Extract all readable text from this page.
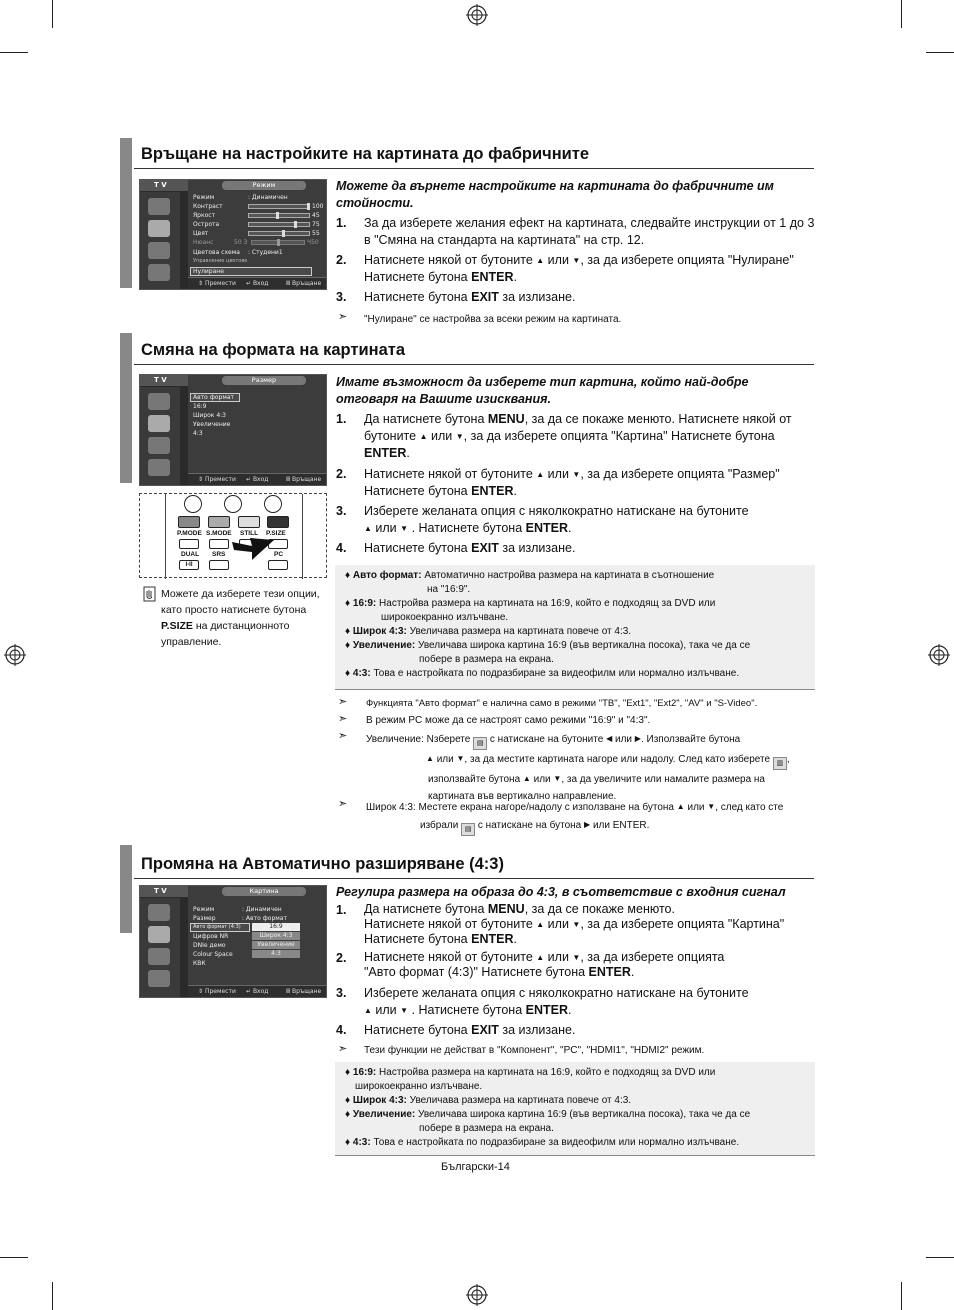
Връщане на настройките на картината до фабричните
T V	Режим
Режим	: Динамичен
Контраст	100
Яркост	45
Острота	75
Цвят	55
Нюанс	50 З	Ч50
Цветова схема : Студени1
Управление цветове
Нулиране
⇕ Премести ↵ Вход	Ⅲ Връщане
Можете да върнете настройките на картината до фабричните им стойности.
1. За да изберете желания ефект на картината, следвайте инструкции от 1 до 3 в "Смяна на стандарта на картината" на стр. 12.
2. Натиснете някой от бутоните ▲ или ▼, за да изберете опцията "Нулиране"
Натиснете бутона ENTER.
3. Натиснете бутона EXIT за излизане.
➣ "Нулиране" се настройва за всеки режим на картината.
Смяна на формата на картината
T V	Размер
Авто формат
16:9
Широк 4:3
Увеличение
4:3
⇕ Премести ↵ Вход	Ⅲ Връщане
P.MODE S.MODE STILL P.SIZE
DUAL SRS	PC
I-II
Можете да изберете тези опции, като просто натиснете бутона P.SIZE на дистанционното управление.
Имате възможност да изберете тип картина, който най-добре отговаря на Вашите изисквания.
1. Да натиснете бутона MENU, за да се покаже менюто. Натиснете някой от
бутоните ▲ или ▼, за да изберете опцията "Картина" Натиснете бутона
ENTER.
2. Натиснете някой от бутоните ▲ или ▼, за да изберете опцията "Размер"
Натиснете бутона ENTER.
3. Изберете желаната опция с няколкократно натискане на бутоните
▲ или ▼ . Натиснете бутона ENTER.
4. Натиснете бутона EXIT за излизане.
♦ Авто формат: Автоматично настройва размера на картината в съотношение
на "16:9".
♦ 16:9: Настройва размера на картината на 16:9, който е подходящ за DVD или
широкоекранно излъчване.
♦ Широк 4:3: Увеличава размера на картината повече от 4:3.
♦ Увеличение: Увеличава широка картина 16:9 (във вертикална посока), така че да се
побере в размера на екрана.
♦ 4:3: Това е настройката по подразбиране за видеофилм или нормално излъчване.
➣ Функцията "Авто формат" е налична само в режими "ТВ", "Ext1", "Ext2", "AV" и "S-Video".
➣ В режим PC може да се настроят само режими "16:9" и "4:3".
➣ Увеличение: Nзберете ▤ с натискане на бутоните ◀ или ▶. Използвайте бутона
▲ или ▼, за да местите картината нагоре или надолу. След като изберете ▥ ,
използвайте бутона ▲ или ▼, за да увеличите или намалите размера на
картината във вертикално направление.
➣ Широк 4:3: Местете екрана нагоре/надолу с използване на бутона ▲ или ▼, след като сте
избрали ▤ с натискане на бутона ▶ или ENTER.
Промяна на Автоматично разширяване (4:3)
T V	Картина
Режим	: Динамичен
Размер	: Авто формат
Авто формат (4:3)	16:9
Цифров NR	Широк 4:3
DNIe демо	Увеличение
Colour Space	4:3
КВК
⇕ Премести ↵ Вход	Ⅲ Връщане
Регулира размера на образа до 4:3, в съответствие с входния сигнал
1. Да натиснете бутона MENU, за да се покаже менюто.
Натиснете някой от бутоните ▲ или ▼, за да изберете опцията "Картина"
Натиснете бутона ENTER.
2. Натиснете някой от бутоните ▲ или ▼, за да изберете опцията
"Авто формат (4:3)" Натиснете бутона ENTER.
3. Изберете желаната опция с няколкократно натискане на бутоните
▲ или ▼ . Натиснете бутона ENTER.
4. Натиснете бутона EXIT за излизане.
➣ Тези функции не действат в "Компонент", "PC", "HDMI1", "HDMI2" режим.
♦ 16:9: Настройва размера на картината на 16:9, който е подходящ за DVD или
широкоекранно излъчване.
♦ Широк 4:3: Увеличава размера на картината повече от 4:3.
♦ Увеличение: Увеличава широка картина 16:9 (във вертикална посока), така че да се
побере в размера на екрана.
♦ 4:3: Това е настройката по подразбиране за видеофилм или нормално излъчване.
Български-14
